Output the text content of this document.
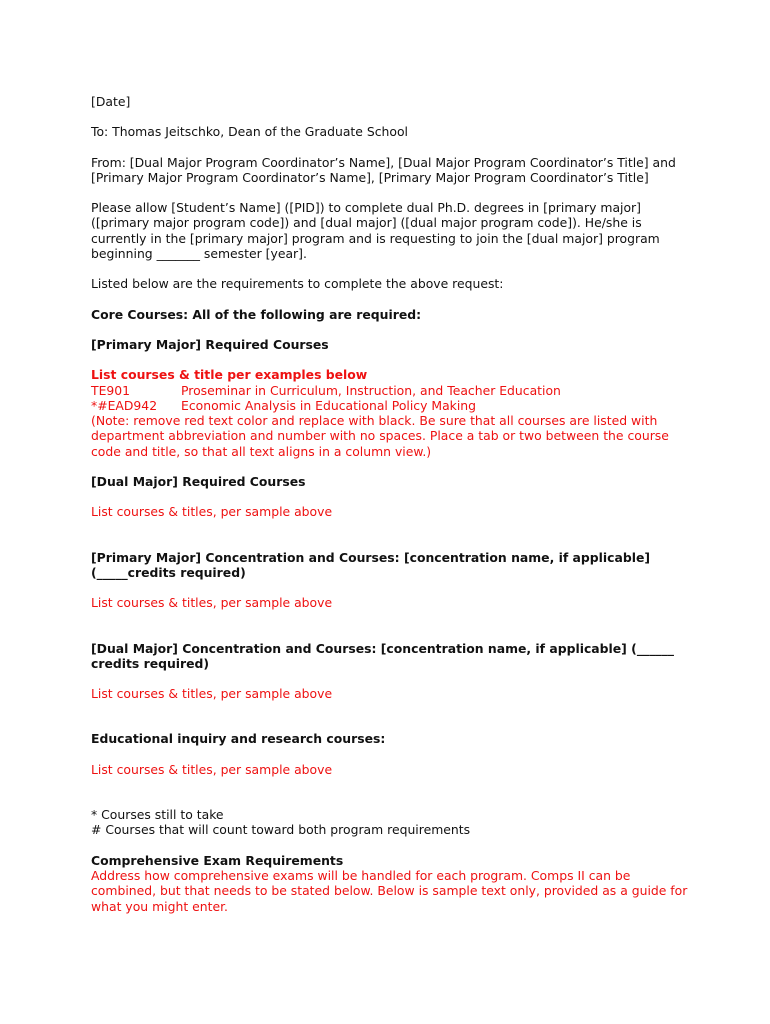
[Date]

To: Thomas Jeitschko, Dean of the Graduate School

From: [Dual Major Program Coordinator’s Name], [Dual Major Program Coordinator’s Title] and [Primary Major Program Coordinator’s Name], [Primary Major Program Coordinator’s Title]

Please allow [Student’s Name] ([PID]) to complete dual Ph.D. degrees in [primary major] ([primary major program code]) and [dual major] ([dual major program code]). He/she is currently in the [primary major] program and is requesting to join the [dual major] program beginning _______ semester [year].

Listed below are the requirements to complete the above request:

Core Courses: All of the following are required:

[Primary Major] Required Courses

List courses & title per examples below

TE901	Proseminar in Curriculum, Instruction, and Teacher Education
*#EAD942	Economic Analysis in Educational Policy Making

(Note: remove red text color and replace with black. Be sure that all courses are listed with department abbreviation and number with no spaces. Place a tab or two between the course code and title, so that all text aligns in a column view.)

[Dual Major] Required Courses

List courses & titles, per sample above

[Primary Major] Concentration and Courses: [concentration name, if applicable] (_____credits required)

List courses & titles, per sample above

[Dual Major] Concentration and Courses: [concentration name, if applicable] (______ credits required)

List courses & titles, per sample above

Educational inquiry and research courses:

List courses & titles, per sample above

* Courses still to take

# Courses that will count toward both program requirements

Comprehensive Exam Requirements

Address how comprehensive exams will be handled for each program. Comps II can be combined, but that needs to be stated below. Below is sample text only, provided as a guide for what you might enter.
